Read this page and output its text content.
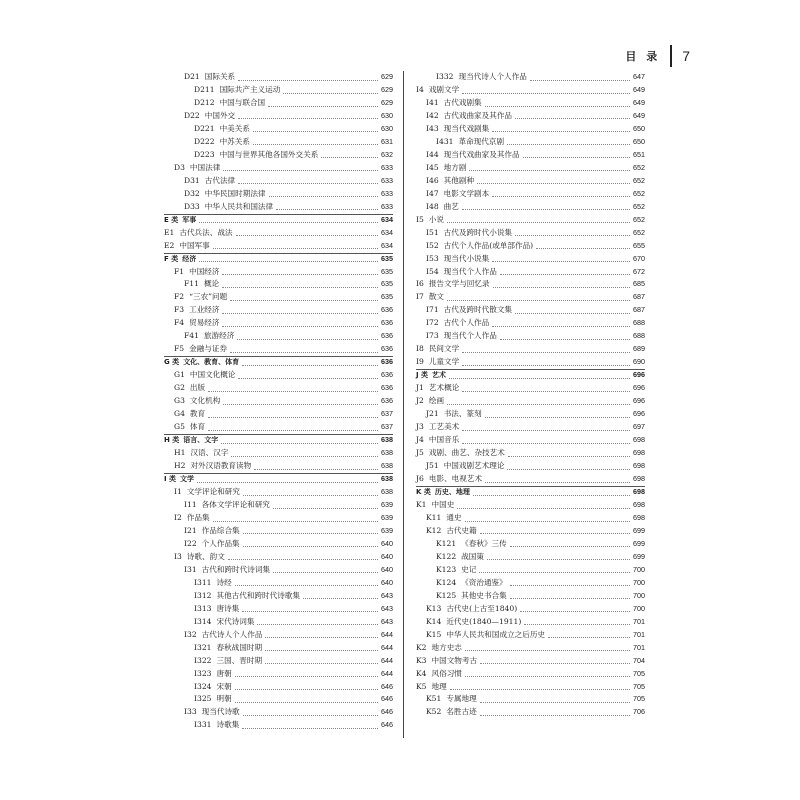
目 录 7
D21 国际关系	629
D211 国际共产主义运动	629
D212 中国与联合国	629
D22 中国外交	630
D221 中美关系	630
D222 中苏关系	631
D223 中国与世界其他各国外交关系	632
D3 中国法律	633
D31 古代法律	633
D32 中华民国时期法律	633
D33 中华人民共和国法律	633
E 类 军事	634
E1 古代兵法、战法	634
E2 中国军事	634
F 类 经济	635
F1 中国经济	635
F11 概论	635
F2 “三农”问题	635
F3 工业经济	636
F4 贸易经济	636
F41 旅游经济	636
F5 金融与证券	636
G 类 文化、教育、体育	636
G1 中国文化概论	636
G2 出版	636
G3 文化机构	636
G4 教育	637
G5 体育	637
H 类 语言、文字	638
H1 汉语、汉字	638
H2 对外汉语教育读物	638
I 类 文学	638
I1 文学评论和研究	638
I11 各体文学评论和研究	639
I2 作品集	639
I21 作品综合集	639
I22 个人作品集	640
I3 诗歌、韵文	640
I31 古代和跨时代诗词集	640
I311 诗经	640
I312 其他古代和跨时代诗歌集	643
I313 唐诗集	643
I314 宋代诗词集	643
I32 古代诗人个人作品	644
I321 春秋战国时期	644
I322 三国、晋时期	644
I323 唐朝	644
I324 宋朝	646
I325 明朝	646
I33 现当代诗歌	646
I331 诗歌集	646
I332 现当代诗人个人作品	647
I4 戏剧文学	649
I41 古代戏剧集	649
I42 古代戏曲家及其作品	649
I43 现当代戏剧集	650
I431 革命现代京剧	650
I44 现当代戏曲家及其作品	651
I45 地方剧	652
I46 其他剧种	652
I47 电影文学剧本	652
I48 曲艺	652
I5 小说	652
I51 古代及跨时代小说集	652
I52 古代个人作品(或单部作品)	655
I53 现当代小说集	670
I54 现当代个人作品	672
I6 报告文学与回忆录	685
I7 散文	687
I71 古代及跨时代散文集	687
I72 古代个人作品	688
I73 现当代个人作品	688
I8 民间文学	689
I9 儿童文学	690
J 类 艺术	696
J1 艺术概论	696
J2 绘画	696
J21 书法、篆刻	696
J3 工艺美术	697
J4 中国音乐	698
J5 戏剧、曲艺、杂技艺术	698
J51 中国戏剧艺术理论	698
J6 电影、电视艺术	698
K 类 历史、地理	698
K1 中国史	698
K11 通史	698
K12 古代史籍	699
K121 《春秋》三传	699
K122 战国策	699
K123 史记	700
K124 《资治通鉴》	700
K125 其他史书合集	700
K13 古代史(上古至1840)	700
K14 近代史(1840—1911)	701
K15 中华人民共和国成立之后历史	701
K2 地方史志	701
K3 中国文物考古	704
K4 风俗习惯	705
K5 地理	705
K51 专属地理	705
K52 名胜古迹	706
